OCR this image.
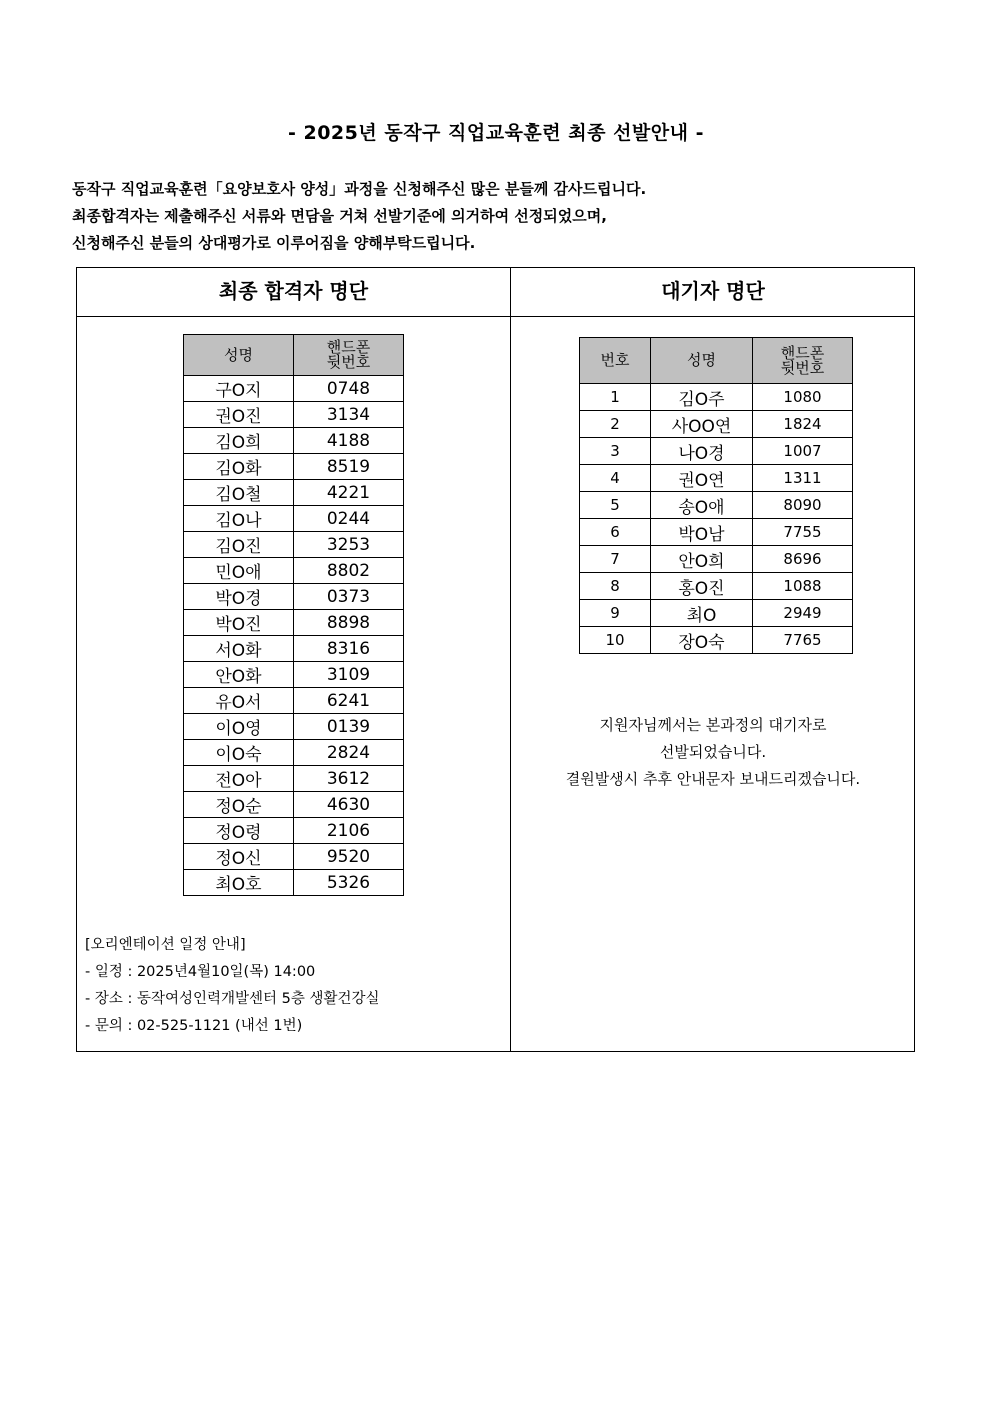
- 2025년 동작구 직업교육훈련 최종 선발안내 -
동작구 직업교육훈련「요양보호사 양성」과정을 신청해주신 많은 분들께 감사드립니다.
최종합격자는 제출해주신 서류와 면담을 거쳐 선발기준에 의거하여 선정되었으며,
신청해주신 분들의 상대평가로 이루어짐을 양해부탁드립니다.
최종 합격자 명단	대기자 명단
성명	핸드폰
뒷번호

구O지	0748
권O진	3134
김O희	4188
김O화	8519
김O철	4221
김O나	0244
김O진	3253
민O애	8802
박O경	0373
박O진	8898
서O화	8316
안O화	3109
유O서	6241
이O영	0139
이O숙	2824
전O아	3612
정O순	4630
정O령	2106
정O신	9520
최O호	5326
번호	성명	핸드폰
뒷번호

1	김O주	1080
2	사OO연	1824
3	나O경	1007
4	권O연	1311
5	송O애	8090
6	박O남	7755
7	안O희	8696
8	홍O진	1088
9	최O	2949
10	장O숙	7765
지원자님께서는 본과정의 대기자로
선발되었습니다.
결원발생시 추후 안내문자 보내드리겠습니다.
[오리엔테이션 일정 안내]
- 일정 : 2025년4월10일(목) 14:00
- 장소 : 동작여성인력개발센터 5층 생활건강실
- 문의 : 02-525-1121 (내선 1번)
